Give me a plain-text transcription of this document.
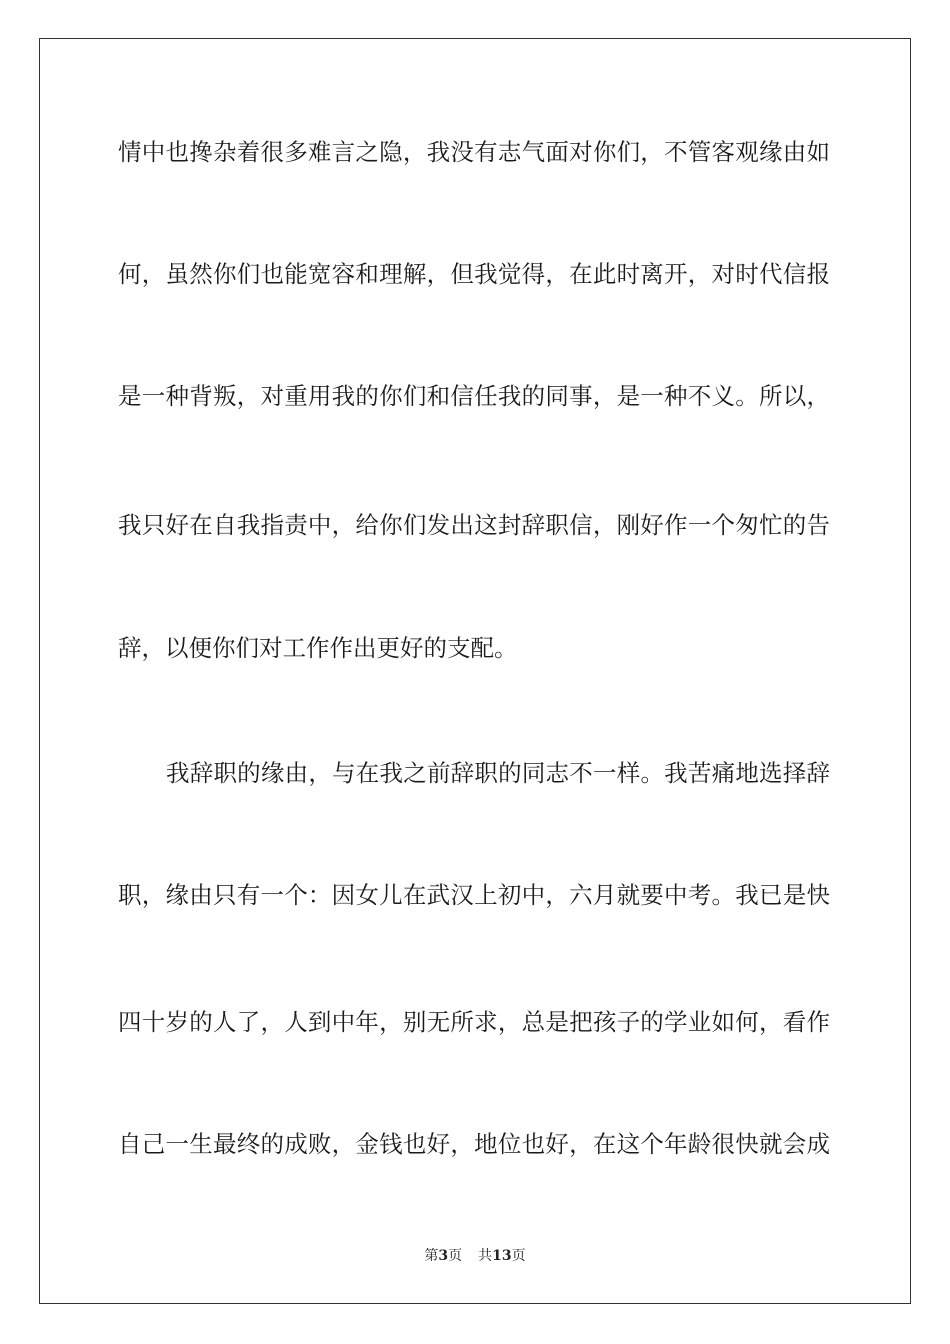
情中也搀杂着很多难言之隐，我没有志气面对你们，不管客观缘由如
何，虽然你们也能宽容和理解，但我觉得，在此时离开，对时代信报
是一种背叛，对重用我的你们和信任我的同事，是一种不义。所以，
我只好在自我指责中，给你们发出这封辞职信，刚好作一个匆忙的告
辞，以便你们对工作作出更好的支配。
我辞职的缘由，与在我之前辞职的同志不一样。我苦痛地选择辞
职，缘由只有一个：因女儿在武汉上初中，六月就要中考。我已是快
四十岁的人了，人到中年，别无所求，总是把孩子的学业如何，看作
自己一生最终的成败，金钱也好，地位也好，在这个年龄很快就会成
第3页 共13页
